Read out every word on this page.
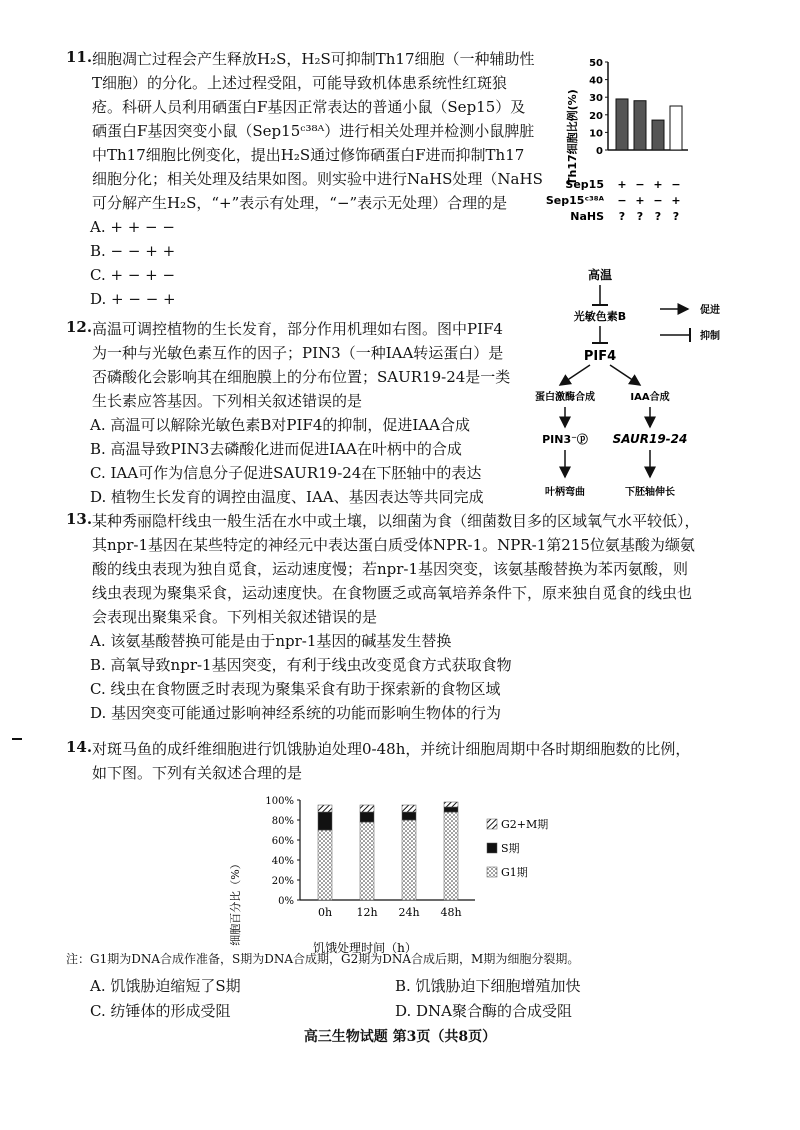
11. 细胞凋亡过程会产生释放H₂S，H₂S可抑制Th17细胞（一种辅助性
T细胞）的分化。上述过程受阻，可能导致机体患系统性红斑狼
疮。科研人员利用硒蛋白F基因正常表达的普通小鼠（Sep15）及
硒蛋白F基因突变小鼠（Sep15ᶜ³⁸ᴬ）进行相关处理并检测小鼠脾脏
中Th17细胞比例变化，提出H₂S通过修饰硒蛋白F进而抑制Th17
细胞分化；相关处理及结果如图。则实验中进行NaHS处理（NaHS
可分解产生H₂S，“+”表示有处理，“−”表示无处理）合理的是
A. + + − −
B. − − + +
C. + − + −
D. + − − +
0
10
20
30
40
50
Th17细胞比例(%)
Sep15 + − + −
Sep15ᶜ³⁸ᴬ − + − +
NaHS ? ? ? ?
12. 高温可调控植物的生长发育，部分作用机理如右图。图中PIF4
为一种与光敏色素互作的因子；PIN3（一种IAA转运蛋白）是
否磷酸化会影响其在细胞膜上的分布位置；SAUR19-24是一类
生长素应答基因。下列相关叙述错误的是
A. 高温可以解除光敏色素B对PIF4的抑制，促进IAA合成
B. 高温导致PIN3去磷酸化进而促进IAA在叶柄中的合成
C. IAA可作为信息分子促进SAUR19-24在下胚轴中的表达
D. 植物生长发育的调控由温度、IAA、基因表达等共同完成
高温
光敏色素B
PIF4
蛋白激酶合成	IAA合成
PIN3⁻ⓟ SAUR19-24
叶柄弯曲	下胚轴伸长
促进
抑制
13. 某种秀丽隐杆线虫一般生活在水中或土壤，以细菌为食（细菌数目多的区域氧气水平较低），
其npr-1基因在某些特定的神经元中表达蛋白质受体NPR-1。NPR-1第215位氨基酸为缬氨
酸的线虫表现为独自觅食，运动速度慢；若npr-1基因突变，该氨基酸替换为苯丙氨酸，则
线虫表现为聚集采食，运动速度快。在食物匮乏或高氧培养条件下，原来独自觅食的线虫也
会表现出聚集采食。下列相关叙述错误的是
A. 该氨基酸替换可能是由于npr-1基因的碱基发生替换
B. 高氧导致npr-1基因突变，有利于线虫改变觅食方式获取食物
C. 线虫在食物匮乏时表现为聚集采食有助于探索新的食物区域
D. 基因突变可能通过影响神经系统的功能而影响生物体的行为
14. 对斑马鱼的成纤维细胞进行饥饿胁迫处理0-48h，并统计细胞周期中各时期细胞数的比例，
如下图。下列有关叙述合理的是
0%
20%
40%
60%
80%
100%
0h 12h 24h 48h
细胞百分比（%）
饥饿处理时间（h）
G2+M期
S期
G1期
注：G1期为DNA合成作准备，S期为DNA合成期，G2期为DNA合成后期，M期为细胞分裂期。
A. 饥饿胁迫缩短了S期	B. 饥饿胁迫下细胞增殖加快
C. 纺锤体的形成受阻	D. DNA聚合酶的合成受阻
高三生物试题 第3页（共8页）
